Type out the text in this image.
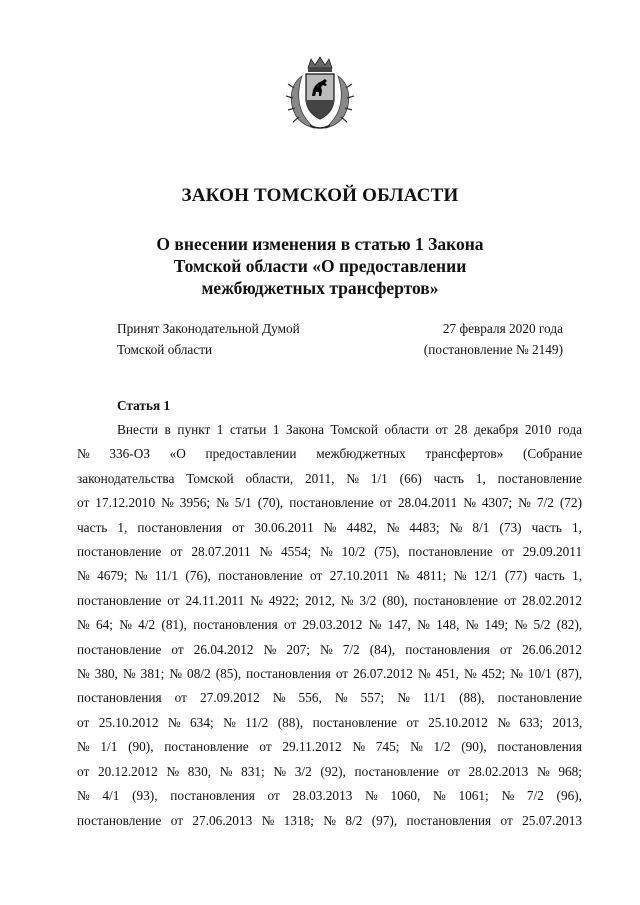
ЗАКОН ТОМСКОЙ ОБЛАСТИ
О внесении изменения в статью 1 Закона
Томской области «О предоставлении
межбюджетных трансфертов»
Принят Законодательной Думой
Томской области
27 февраля 2020 года
(постановление № 2149)
Статья 1
Внести в пункт 1 статьи 1 Закона Томской области от 28 декабря 2010 года
№ 336-ОЗ «О предоставлении межбюджетных трансфертов» (Собрание
законодательства Томской области, 2011, № 1/1 (66) часть 1, постановление
от 17.12.2010 № 3956; № 5/1 (70), постановление от 28.04.2011 № 4307; № 7/2 (72)
часть 1, постановления от 30.06.2011 № 4482, № 4483; № 8/1 (73) часть 1,
постановление от 28.07.2011 № 4554; № 10/2 (75), постановление от 29.09.2011
№ 4679; № 11/1 (76), постановление от 27.10.2011 № 4811; № 12/1 (77) часть 1,
постановление от 24.11.2011 № 4922; 2012, № 3/2 (80), постановление от 28.02.2012
№ 64; № 4/2 (81), постановления от 29.03.2012 № 147, № 148, № 149; № 5/2 (82),
постановление от 26.04.2012 № 207; № 7/2 (84), постановления от 26.06.2012
№ 380, № 381; № 08/2 (85), постановления от 26.07.2012 № 451, № 452; № 10/1 (87),
постановления от 27.09.2012 № 556, № 557; № 11/1 (88), постановление
от 25.10.2012 № 634; № 11/2 (88), постановление от 25.10.2012 № 633; 2013,
№ 1/1 (90), постановление от 29.11.2012 № 745; № 1/2 (90), постановления
от 20.12.2012 № 830, № 831; № 3/2 (92), постановление от 28.02.2013 № 968;
№ 4/1 (93), постановления от 28.03.2013 № 1060, № 1061; № 7/2 (96),
постановление от 27.06.2013 № 1318; № 8/2 (97), постановления от 25.07.2013
